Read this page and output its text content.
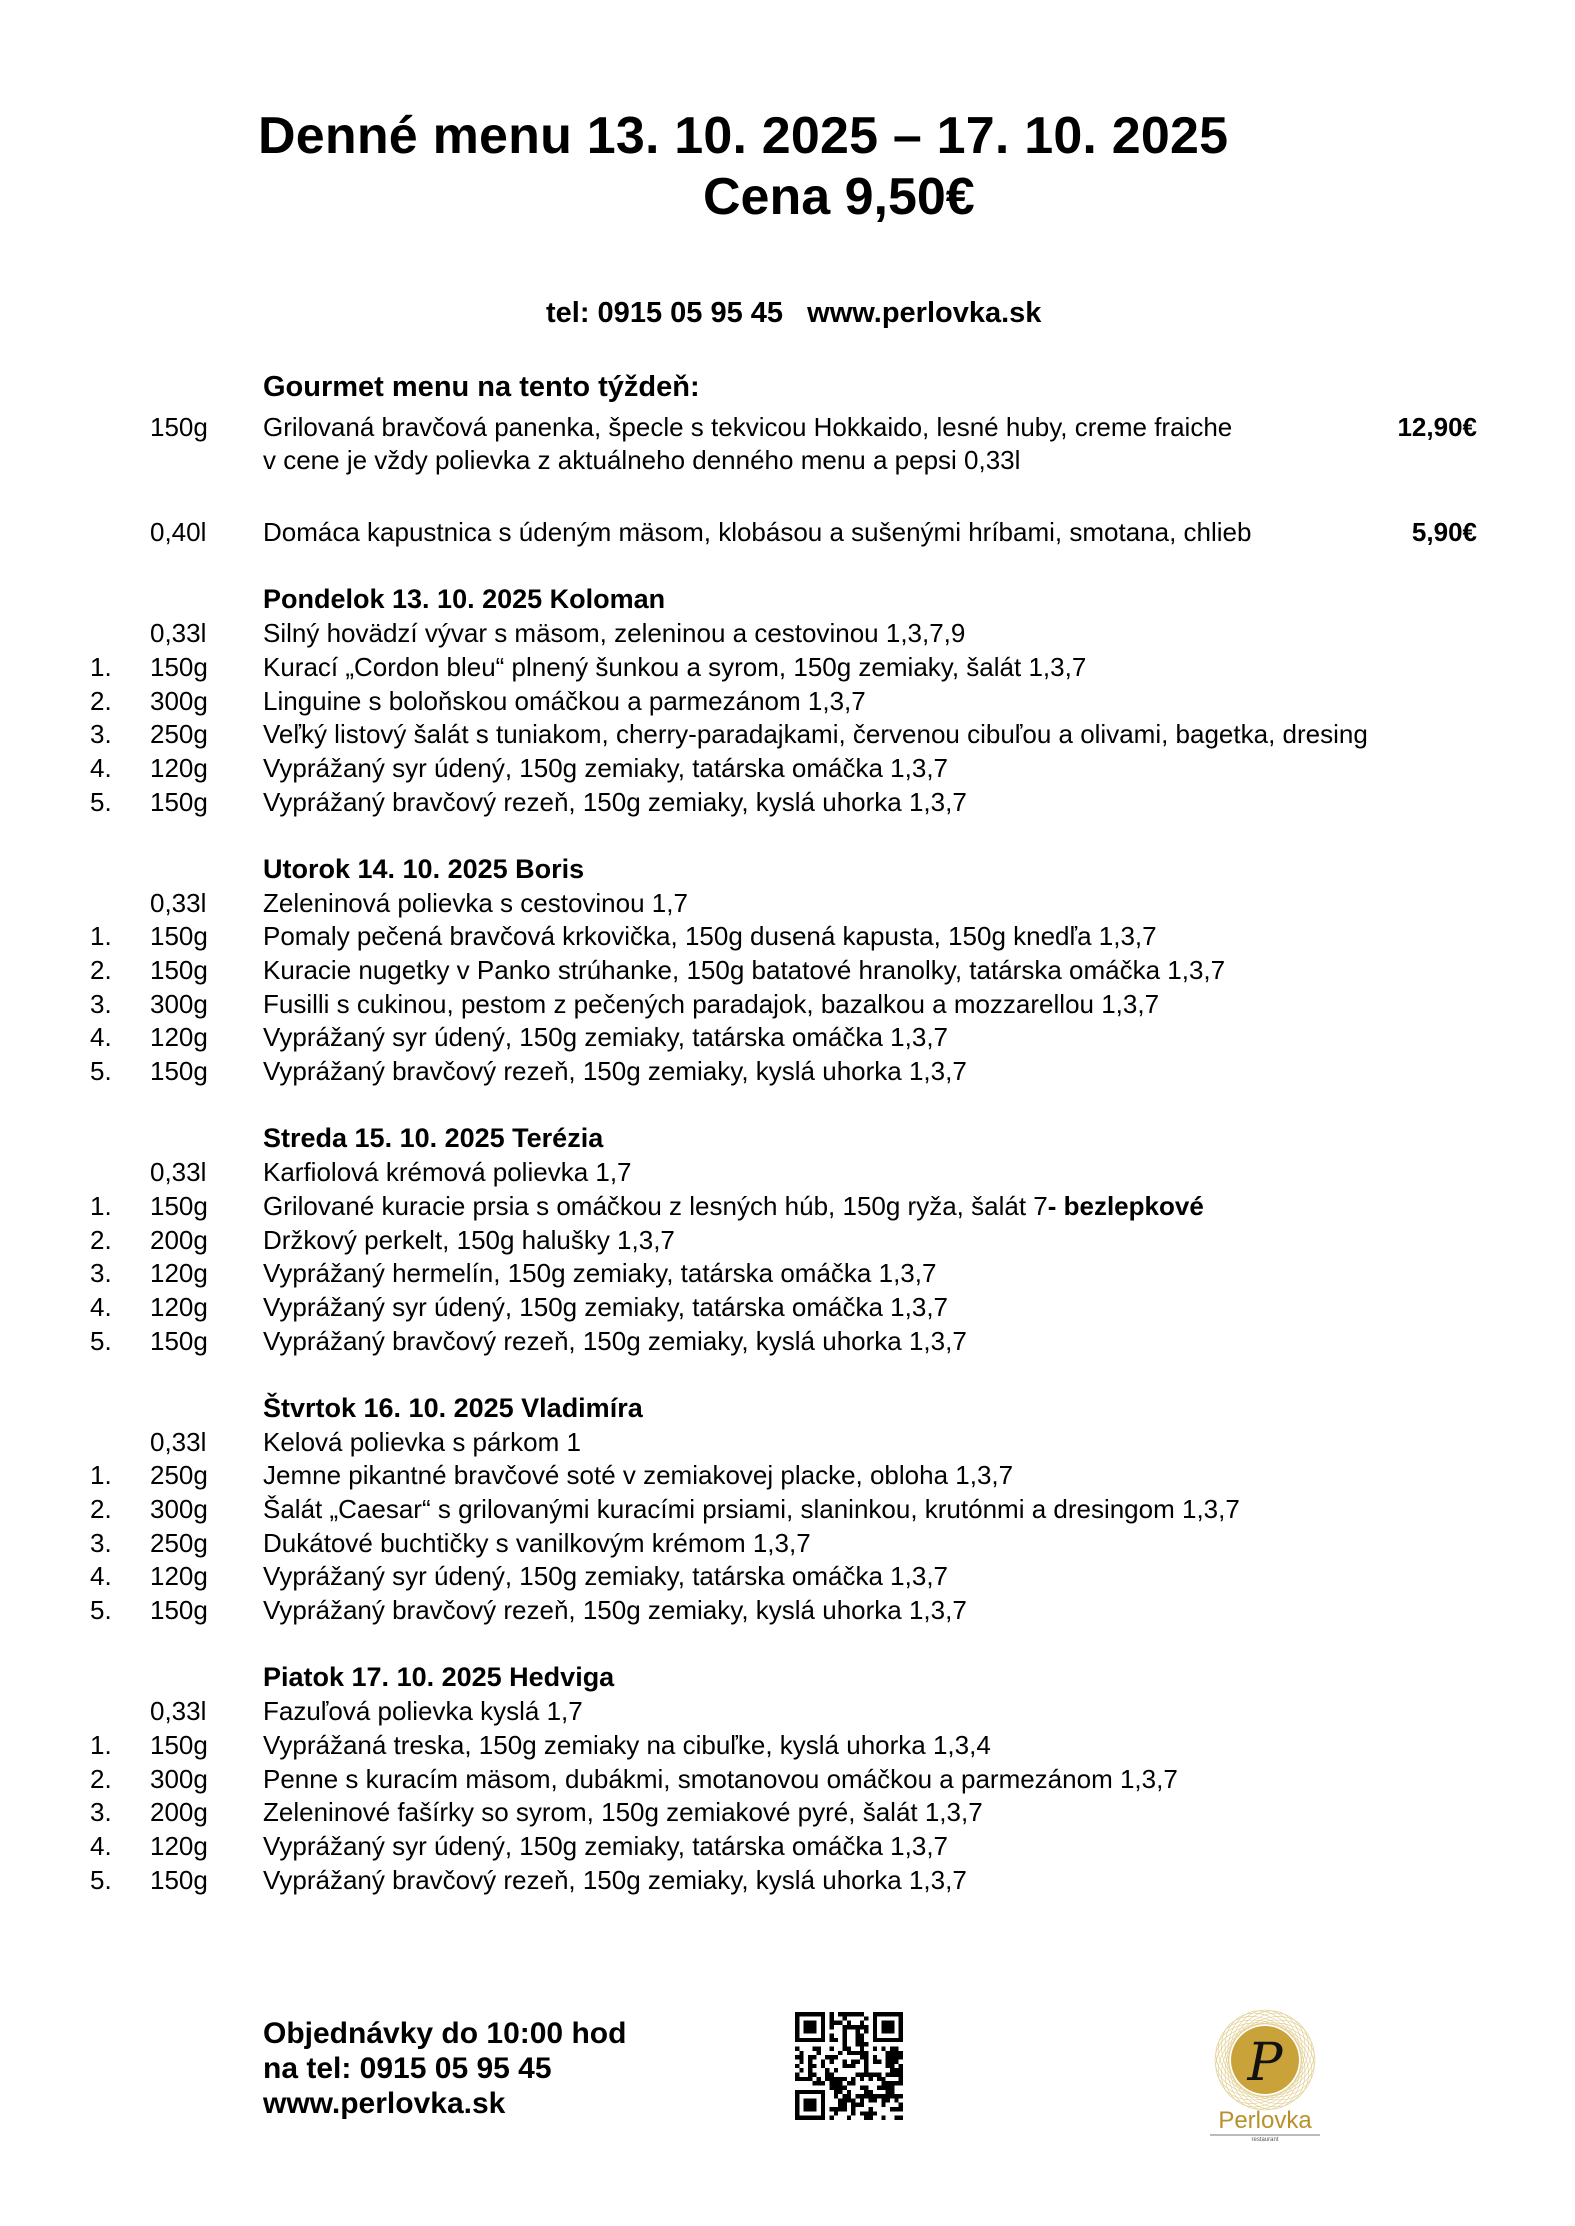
Denné menu 13. 10. 2025 – 17. 10. 2025
Cena 9,50€
tel: 0915 05 95 45   www.perlovka.sk
Gourmet menu na tento týždeň:
150g Grilovaná bravčová panenka, špecle s tekvicou Hokkaido, lesné huby, creme fraiche	12,90€
v cene je vždy polievka z aktuálneho denného menu a pepsi 0,33l
0,40l Domáca kapustnica s údeným mäsom, klobásou a sušenými hríbami, smotana, chlieb	5,90€
Pondelok 13. 10. 2025 Koloman
0,33l Silný hovädzí vývar s mäsom, zeleninou a cestovinou 1,3,7,9
1. 150g Kurací „Cordon bleu“ plnený šunkou a syrom, 150g zemiaky, šalát 1,3,7
2. 300g Linguine s boloňskou omáčkou a parmezánom 1,3,7
3. 250g Veľký listový šalát s tuniakom, cherry-paradajkami, červenou cibuľou a olivami, bagetka, dresing
4. 120g Vyprážaný syr údený, 150g zemiaky, tatárska omáčka 1,3,7
5. 150g Vyprážaný bravčový rezeň, 150g zemiaky, kyslá uhorka 1,3,7
Utorok 14. 10. 2025 Boris
0,33l Zeleninová polievka s cestovinou 1,7
1. 150g Pomaly pečená bravčová krkovička, 150g dusená kapusta, 150g knedľa 1,3,7
2. 150g Kuracie nugetky v Panko strúhanke, 150g batatové hranolky, tatárska omáčka 1,3,7
3. 300g Fusilli s cukinou, pestom z pečených paradajok, bazalkou a mozzarellou 1,3,7
4. 120g Vyprážaný syr údený, 150g zemiaky, tatárska omáčka 1,3,7
5. 150g Vyprážaný bravčový rezeň, 150g zemiaky, kyslá uhorka 1,3,7
Streda 15. 10. 2025 Terézia
0,33l Karfiolová krémová polievka 1,7
1. 150g Grilované kuracie prsia s omáčkou z lesných húb, 150g ryža, šalát 7- bezlepkové
2. 200g Držkový perkelt, 150g halušky 1,3,7
3. 120g Vyprážaný hermelín, 150g zemiaky, tatárska omáčka 1,3,7
4. 120g Vyprážaný syr údený, 150g zemiaky, tatárska omáčka 1,3,7
5. 150g Vyprážaný bravčový rezeň, 150g zemiaky, kyslá uhorka 1,3,7
Štvrtok 16. 10. 2025 Vladimíra
0,33l Kelová polievka s párkom 1
1. 250g Jemne pikantné bravčové soté v zemiakovej placke, obloha 1,3,7
2. 300g Šalát „Caesar“ s grilovanými kuracími prsiami, slaninkou, krutónmi a dresingom 1,3,7
3. 250g Dukátové buchtičky s vanilkovým krémom 1,3,7
4. 120g Vyprážaný syr údený, 150g zemiaky, tatárska omáčka 1,3,7
5. 150g Vyprážaný bravčový rezeň, 150g zemiaky, kyslá uhorka 1,3,7
Piatok 17. 10. 2025 Hedviga
0,33l Fazuľová polievka kyslá 1,7
1. 150g Vyprážaná treska, 150g zemiaky na cibuľke, kyslá uhorka 1,3,4
2. 300g Penne s kuracím mäsom, dubákmi, smotanovou omáčkou a parmezánom 1,3,7
3. 200g Zeleninové fašírky so syrom, 150g zemiakové pyré, šalát 1,3,7
4. 120g Vyprážaný syr údený, 150g zemiaky, tatárska omáčka 1,3,7
5. 150g Vyprážaný bravčový rezeň, 150g zemiaky, kyslá uhorka 1,3,7
Objednávky do 10:00 hod
na tel: 0915 05 95 45
www.perlovka.sk
P
Perlovka
restaurant
